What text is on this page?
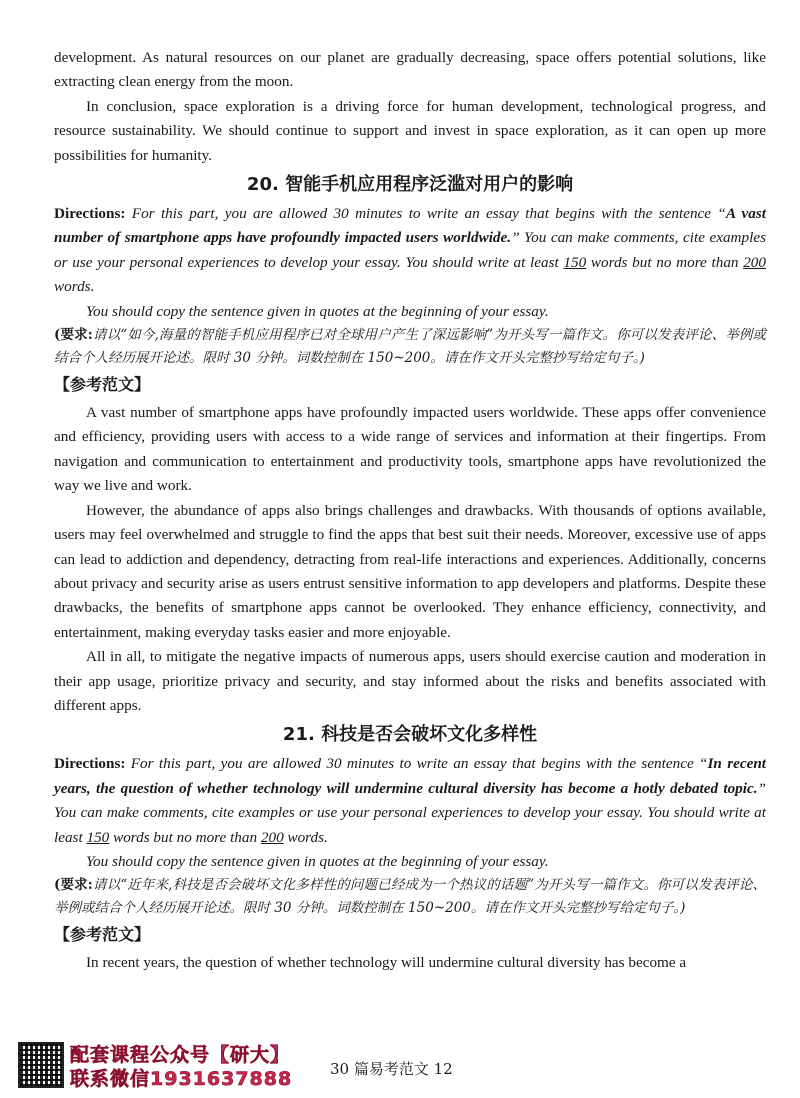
development. As natural resources on our planet are gradually decreasing, space offers potential solutions, like extracting clean energy from the moon.

In conclusion, space exploration is a driving force for human development, technological progress, and resource sustainability. We should continue to support and invest in space exploration, as it can open up more possibilities for humanity.

20. 智能手机应用程序泛滥对用户的影响

Directions: For this part, you are allowed 30 minutes to write an essay that begins with the sentence “A vast number of smartphone apps have profoundly impacted users worldwide.” You can make comments, cite examples or use your personal experiences to develop your essay. You should write at least 150 words but no more than 200 words.

You should copy the sentence given in quotes at the beginning of your essay.

(要求:请以“如今,海量的智能手机应用程序已对全球用户产生了深远影响”为开头写一篇作文。你可以发表评论、举例或结合个人经历展开论述。限时 30 分钟。词数控制在 150~200。请在作文开头完整抄写给定句子。)

【参考范文】

A vast number of smartphone apps have profoundly impacted users worldwide. These apps offer convenience and efficiency, providing users with access to a wide range of services and information at their fingertips. From navigation and communication to entertainment and productivity tools, smartphone apps have revolutionized the way we live and work.

However, the abundance of apps also brings challenges and drawbacks. With thousands of options available, users may feel overwhelmed and struggle to find the apps that best suit their needs. Moreover, excessive use of apps can lead to addiction and dependency, detracting from real-life interactions and experiences. Additionally, concerns about privacy and security arise as users entrust sensitive information to app developers and platforms. Despite these drawbacks, the benefits of smartphone apps cannot be overlooked. They enhance efficiency, connectivity, and entertainment, making everyday tasks easier and more enjoyable.

All in all, to mitigate the negative impacts of numerous apps, users should exercise caution and moderation in their app usage, prioritize privacy and security, and stay informed about the risks and benefits associated with different apps.

21. 科技是否会破坏文化多样性

Directions: For this part, you are allowed 30 minutes to write an essay that begins with the sentence “In recent years, the question of whether technology will undermine cultural diversity has become a hotly debated topic.” You can make comments, cite examples or use your personal experiences to develop your essay. You should write at least 150 words but no more than 200 words.

You should copy the sentence given in quotes at the beginning of your essay.

(要求:请以“近年来,科技是否会破坏文化多样性的问题已经成为一个热议的话题”为开头写一篇作文。你可以发表评论、举例或结合个人经历展开论述。限时 30 分钟。词数控制在 150~200。请在作文开头完整抄写给定句子。)

【参考范文】

In recent years, the question of whether technology will undermine cultural diversity has become a

配套课程公众号【研大】
联系微信1931637888	30 篇易考范文 12
